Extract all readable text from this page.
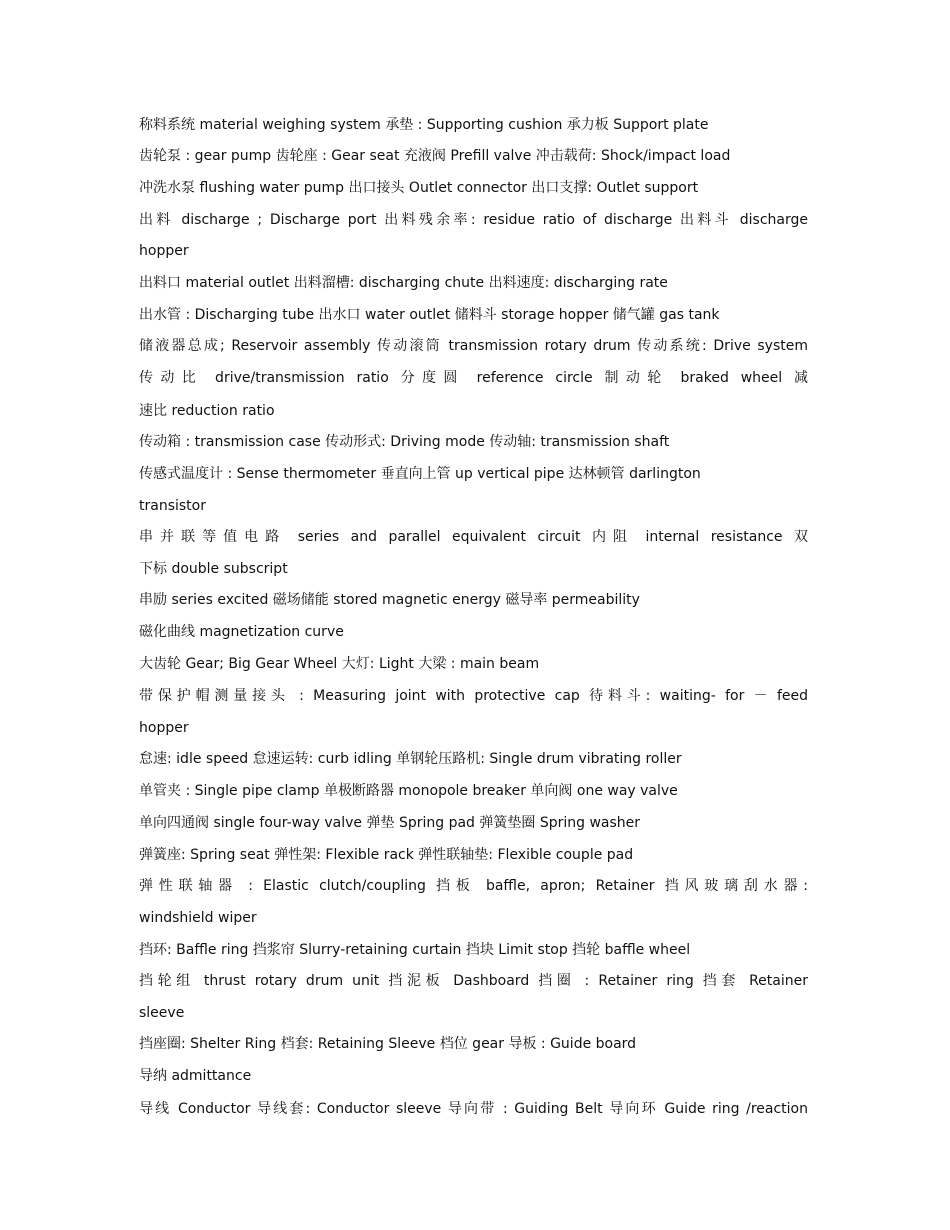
称料系统 material weighing system 承垫 : Supporting cushion 承力板 Support plate
齿轮泵 : gear pump 齿轮座 : Gear seat 充液阀 Prefill valve 冲击载荷: Shock/impact load
冲洗水泵 flushing water pump 出口接头 Outlet connector 出口支撑: Outlet support
出料 discharge ; Discharge port 出料残余率: residue ratio of discharge 出料斗 discharge
hopper
出料口 material outlet 出料溜槽: discharging chute 出料速度: discharging rate
出水管 : Discharging tube 出水口 water outlet 储料斗 storage hopper 储气罐 gas tank
储液器总成; Reservoir assembly 传动滚筒 transmission rotary drum 传动系统: Drive system
传动比 drive/transmission ratio 分度圆 reference circle 制动轮 braked wheel 减
速比 reduction ratio
传动箱 : transmission case 传动形式: Driving mode 传动轴: transmission shaft
传感式温度计 : Sense thermometer 垂直向上管 up vertical pipe 达林顿管 darlington
transistor
串并联等值电路 series and parallel equivalent circuit 内阻 internal resistance 双
下标 double subscript
串励 series excited 磁场储能 stored magnetic energy 磁导率 permeability
磁化曲线 magnetization curve
大齿轮 Gear; Big Gear Wheel 大灯: Light 大梁 : main beam
带保护帽测量接头 : Measuring joint with protective cap 待料斗: waiting- for － feed
hopper
怠速: idle speed 怠速运转: curb idling 单钢轮压路机: Single drum vibrating roller
单管夹 : Single pipe clamp 单极断路器 monopole breaker 单向阀 one way valve
单向四通阀 single four-way valve 弹垫 Spring pad 弹簧垫圈 Spring washer
弹簧座: Spring seat 弹性架: Flexible rack 弹性联轴垫: Flexible couple pad
弹性联轴器 : Elastic clutch/coupling 挡板 baffle, apron; Retainer 挡风玻璃刮水器:
windshield wiper
挡环: Baffle ring 挡浆帘 Slurry-retaining curtain 挡块 Limit stop 挡轮 baffle wheel
挡轮组 thrust rotary drum unit 挡泥板 Dashboard 挡圈 : Retainer ring 挡套 Retainer
sleeve
挡座圈: Shelter Ring 档套: Retaining Sleeve 档位 gear 导板 : Guide board
导纳 admittance
导线 Conductor 导线套: Conductor sleeve 导向带 : Guiding Belt 导向环 Guide ring /reaction
